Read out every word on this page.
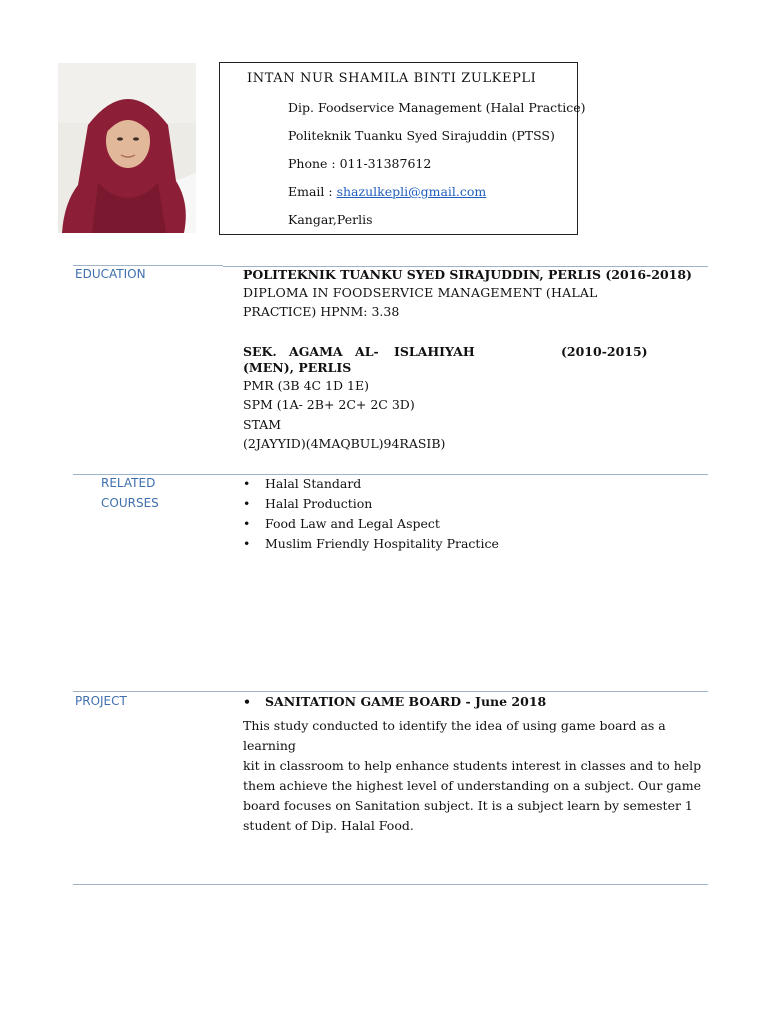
INTAN NUR SHAMILA BINTI ZULKEPLI
Dip. Foodservice Management (Halal Practice)
Politeknik Tuanku Syed Sirajuddin (PTSS)
Phone : 011-31387612
Email : shazulkepli@gmail.com
Kangar,Perlis
EDUCATION	POLITEKNIK TUANKU SYED SIRAJUDDIN, PERLIS (2016-2018)
DIPLOMA IN FOODSERVICE MANAGEMENT (HALAL
PRACTICE) HPNM: 3.38
SEK. AGAMA AL- ISLAHIYAH	(2010-2015)
(MEN), PERLIS
PMR (3B 4C 1D 1E)
SPM (1A- 2B+ 2C+ 2C 3D)
STAM
(2JAYYID)(4MAQBUL)94RASIB)
RELATED
COURSES
• Halal Standard
• Halal Production
• Food Law and Legal Aspect
• Muslim Friendly Hospitality Practice
PROJECT	• SANITATION GAME BOARD - June 2018
This study conducted to identify the idea of using game board as a learning
kit in classroom to help enhance students interest in classes and to help
them achieve the highest level of understanding on a subject. Our game
board focuses on Sanitation subject. It is a subject learn by semester 1
student of Dip. Halal Food.
